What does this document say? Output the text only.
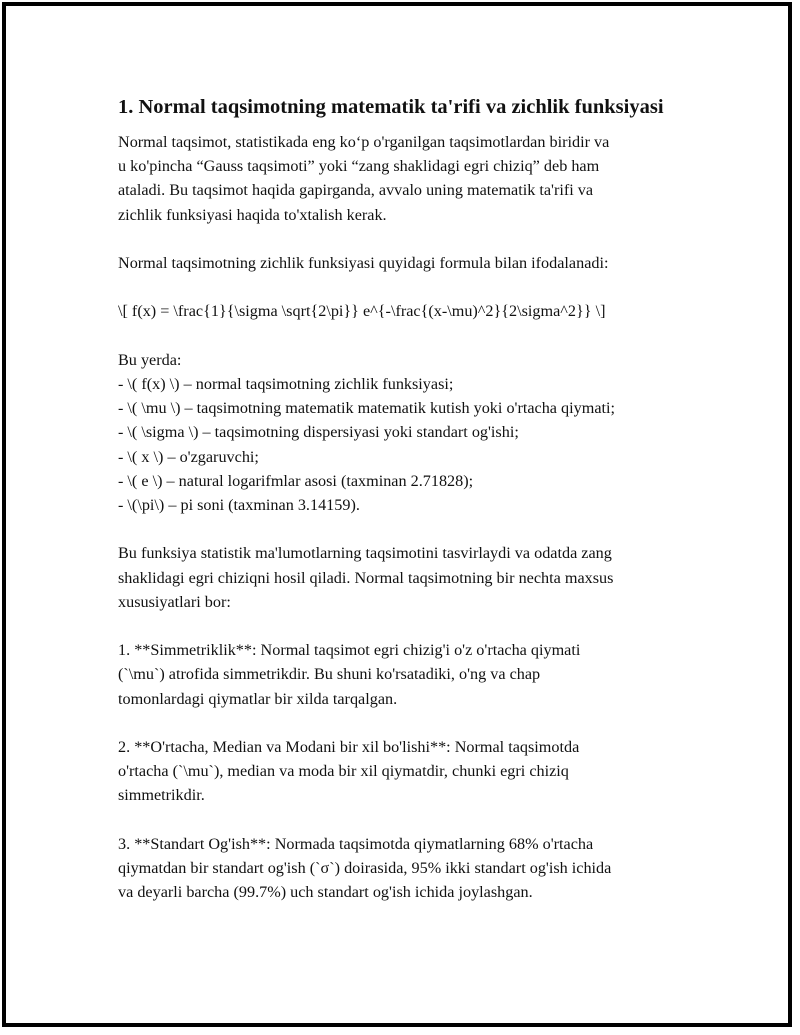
1. Normal taqsimotning matematik ta'rifi va zichlik funksiyasi

Normal taqsimot, statistikada eng ko‘p o'rganilgan taqsimotlardan biridir va

u ko'pincha “Gauss taqsimoti” yoki “zang shaklidagi egri chiziq” deb ham

ataladi. Bu taqsimot haqida gapirganda, avvalo uning matematik ta'rifi va

zichlik funksiyasi haqida to'xtalish kerak.

Normal taqsimotning zichlik funksiyasi quyidagi formula bilan ifodalanadi:

\[ f(x) = \frac{1}{\sigma \sqrt{2\pi}} e^{-\frac{(x-\mu)^2}{2\sigma^2}} \]

Bu yerda:

- \( f(x) \) – normal taqsimotning zichlik funksiyasi;

- \( \mu \) – taqsimotning matematik matematik kutish yoki o'rtacha qiymati;

- \( \sigma \) – taqsimotning dispersiyasi yoki standart og'ishi;

- \( x \) – o'zgaruvchi;

- \( e \) – natural logarifmlar asosi (taxminan 2.71828);

- \(\pi\) – pi soni (taxminan 3.14159).

Bu funksiya statistik ma'lumotlarning taqsimotini tasvirlaydi va odatda zang

shaklidagi egri chiziqni hosil qiladi. Normal taqsimotning bir nechta maxsus

xususiyatlari bor:

1. **Simmetriklik**: Normal taqsimot egri chizig'i o'z o'rtacha qiymati

(`\mu`) atrofida simmetrikdir. Bu shuni ko'rsatadiki, o'ng va chap

tomonlardagi qiymatlar bir xilda tarqalgan.

2. **O'rtacha, Median va Modani bir xil bo'lishi**: Normal taqsimotda

o'rtacha (`\mu`), median va moda bir xil qiymatdir, chunki egri chiziq

simmetrikdir.

3. **Standart Og'ish**: Normada taqsimotda qiymatlarning 68% o'rtacha

qiymatdan bir standart og'ish (`σ`) doirasida, 95% ikki standart og'ish ichida

va deyarli barcha (99.7%) uch standart og'ish ichida joylashgan.
